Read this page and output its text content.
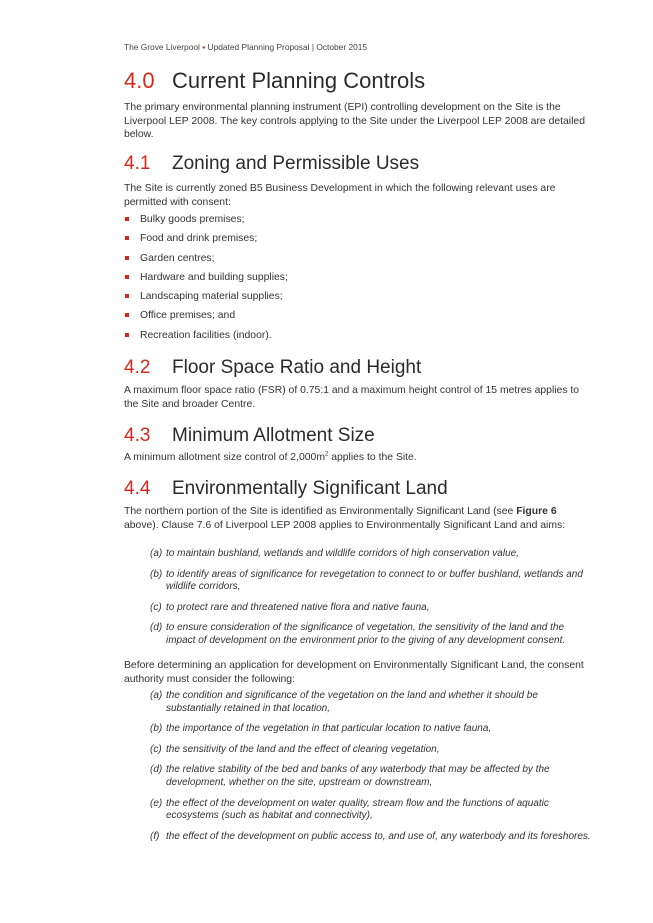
The Grove Liverpool ▪ Updated Planning Proposal | October 2015
4.0 Current Planning Controls

The primary environmental planning instrument (EPI) controlling development on the Site is the Liverpool LEP 2008. The key controls applying to the Site under the Liverpool LEP 2008 are detailed below.

4.1 Zoning and Permissible Uses

The Site is currently zoned B5 Business Development in which the following relevant uses are permitted with consent:

Bulky goods premises;
Food and drink premises;
Garden centres;
Hardware and building supplies;
Landscaping material supplies;
Office premises; and
Recreation facilities (indoor).
4.2 Floor Space Ratio and Height

A maximum floor space ratio (FSR) of 0.75:1 and a maximum height control of 15 metres applies to the Site and broader Centre.

4.3 Minimum Allotment Size

A minimum allotment size control of $2,000m^2$ applies to the Site.

4.4 Environmentally Significant Land

The northern portion of the Site is identified as Environmentally Significant Land (see Figure 6 above). Clause 7.6 of Liverpool LEP 2008 applies to Environmentally Significant Land and aims:

(a) to maintain bushland, wetlands and wildlife corridors of high conservation value,
(b) to identify areas of significance for revegetation to connect to or buffer bushland, wetlands and wildlife corridors,
(c) to protect rare and threatened native flora and native fauna,
(d) to ensure consideration of the significance of vegetation, the sensitivity of the land and the impact of development on the environment prior to the giving of any development consent.

Before determining an application for development on Environmentally Significant Land, the consent authority must consider the following:

(a) the condition and significance of the vegetation on the land and whether it should be substantially retained in that location,
(b) the importance of the vegetation in that particular location to native fauna,
(c) the sensitivity of the land and the effect of clearing vegetation,
(d) the relative stability of the bed and banks of any waterbody that may be affected by the development, whether on the site, upstream or downstream,
(e) the effect of the development on water quality, stream flow and the functions of aquatic ecosystems (such as habitat and connectivity),
(f) the effect of the development on public access to, and use of, any waterbody and its foreshores.
